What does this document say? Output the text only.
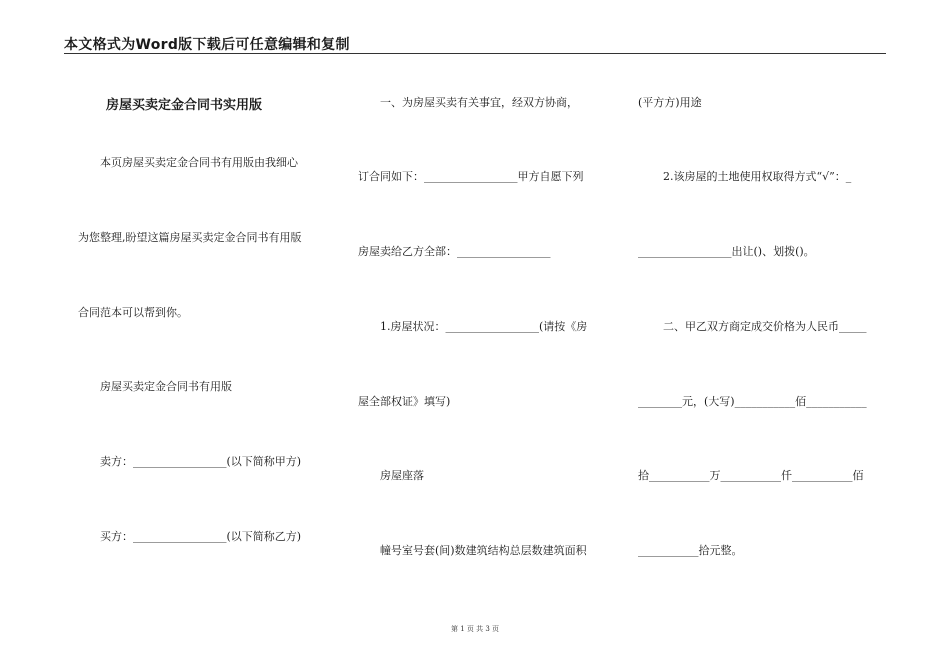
本文格式为Word版下载后可任意编辑和复制
房屋买卖定金合同书实用版
本页房屋买卖定金合同书有用版由我细心
为您整理,盼望这篇房屋买卖定金合同书有用版
合同范本可以帮到你。
房屋买卖定金合同书有用版
卖方：_________________(以下简称甲方)
买方：_________________(以下简称乙方)
一、为房屋买卖有关事宜，经双方协商，
订合同如下：_________________甲方自愿下列
房屋卖给乙方全部：_________________
1.房屋状况：_________________(请按《房
屋全部权证》填写)
房屋座落
幢号室号套(间)数建筑结构总层数建筑面积
(平方方)用途
2.该房屋的土地使用权取得方式“√”：_
_________________出让()、划拨()。
二、甲乙双方商定成交价格为人民币_____
________元，(大写)___________佰___________
拾___________万___________仟___________佰
___________拾元整。
第 1 页 共 3 页
